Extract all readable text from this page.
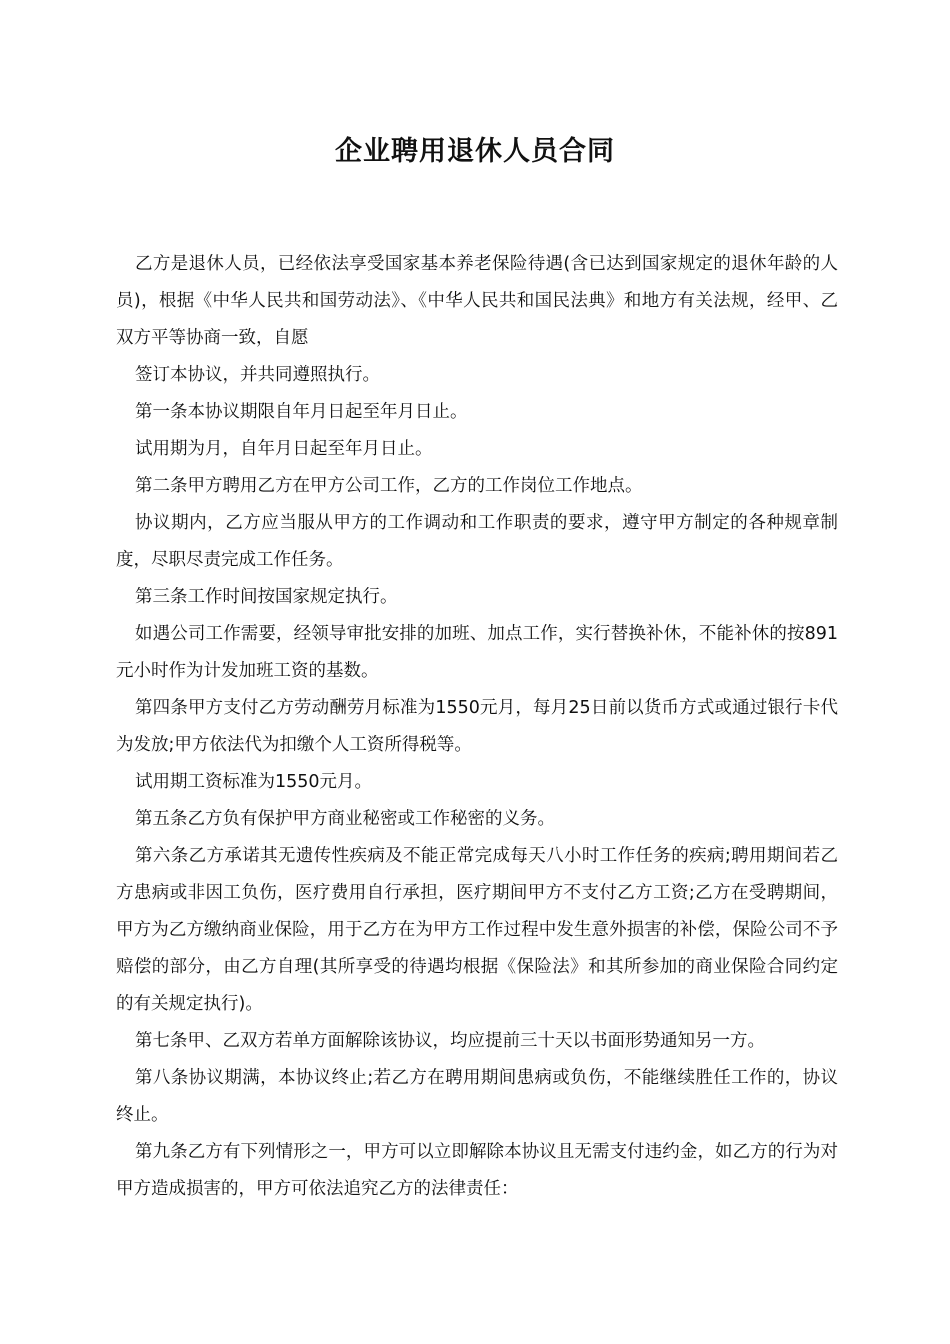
企业聘用退休人员合同

乙方是退休人员，已经依法享受国家基本养老保险待遇(含已达到国家规定的退休年龄的人员)，根据《中华人民共和国劳动法》、《中华人民共和国民法典》和地方有关法规，经甲、乙双方平等协商一致，自愿

签订本协议，并共同遵照执行。

第一条本协议期限自年月日起至年月日止。

试用期为月，自年月日起至年月日止。

第二条甲方聘用乙方在甲方公司工作，乙方的工作岗位工作地点。

协议期内，乙方应当服从甲方的工作调动和工作职责的要求，遵守甲方制定的各种规章制度，尽职尽责完成工作任务。

第三条工作时间按国家规定执行。

如遇公司工作需要，经领导审批安排的加班、加点工作，实行替换补休，不能补休的按891元小时作为计发加班工资的基数。

第四条甲方支付乙方劳动酬劳月标准为1550元月，每月25日前以货币方式或通过银行卡代为发放;甲方依法代为扣缴个人工资所得税等。

试用期工资标准为1550元月。

第五条乙方负有保护甲方商业秘密或工作秘密的义务。

第六条乙方承诺其无遗传性疾病及不能正常完成每天八小时工作任务的疾病;聘用期间若乙方患病或非因工负伤，医疗费用自行承担，医疗期间甲方不支付乙方工资;乙方在受聘期间，甲方为乙方缴纳商业保险，用于乙方在为甲方工作过程中发生意外损害的补偿，保险公司不予赔偿的部分，由乙方自理(其所享受的待遇均根据《保险法》和其所参加的商业保险合同约定的有关规定执行)。

第七条甲、乙双方若单方面解除该协议，均应提前三十天以书面形势通知另一方。

第八条协议期满，本协议终止;若乙方在聘用期间患病或负伤，不能继续胜任工作的，协议终止。

第九条乙方有下列情形之一，甲方可以立即解除本协议且无需支付违约金，如乙方的行为对甲方造成损害的，甲方可依法追究乙方的法律责任：
